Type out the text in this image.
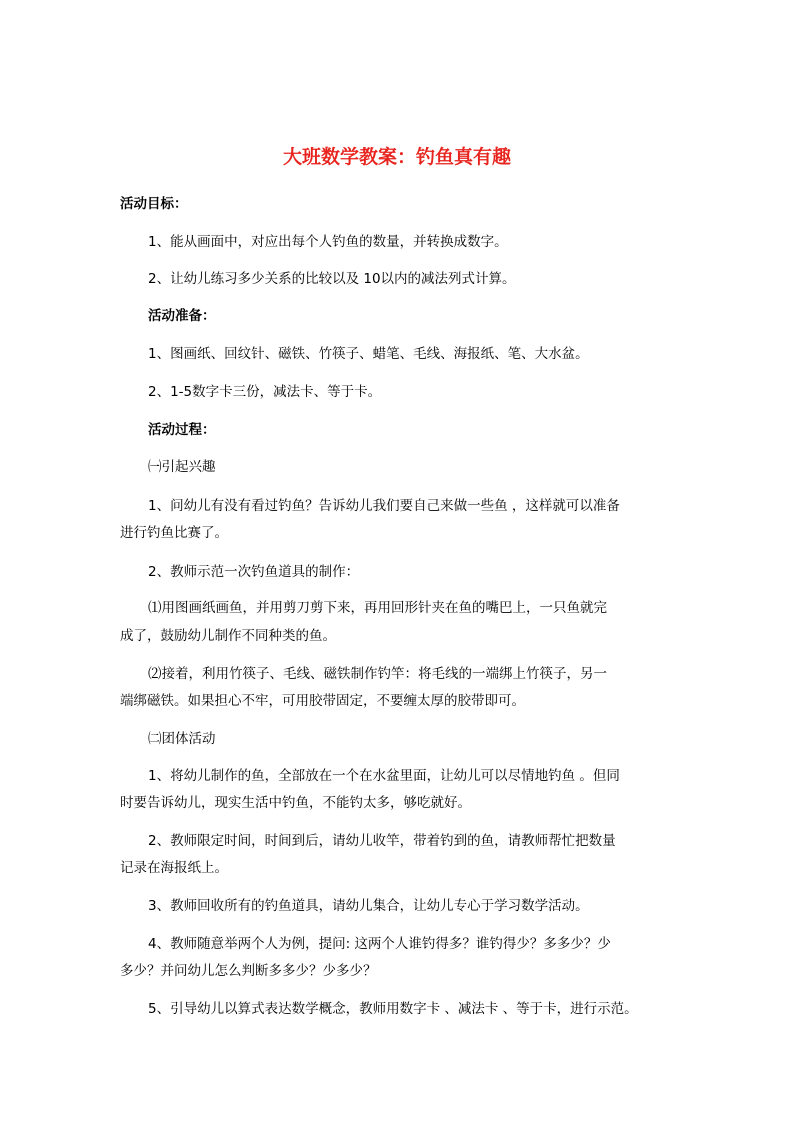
大班数学教案：钓鱼真有趣
活动目标：
1、能从画面中，对应出每个人钓鱼的数量，并转换成数字。
2、让幼儿练习多少关系的比较以及 10以内的减法列式计算。
活动准备：
1、图画纸、回纹针、磁铁、竹筷子、蜡笔、毛线、海报纸、笔、大水盆。
2、1-5数字卡三份，减法卡、等于卡。
活动过程：
㈠引起兴趣
1、问幼儿有没有看过钓鱼？告诉幼儿我们要自己来做一些鱼 ，这样就可以准备
进行钓鱼比赛了。
2、教师示范一次钓鱼道具的制作：
⑴用图画纸画鱼，并用剪刀剪下来，再用回形针夹在鱼的嘴巴上，一只鱼就完
成了，鼓励幼儿制作不同种类的鱼。
⑵接着，利用竹筷子、毛线、磁铁制作钓竿：将毛线的一端绑上竹筷子，另一
端绑磁铁。如果担心不牢，可用胶带固定，不要缠太厚的胶带即可。
㈡团体活动
1、将幼儿制作的鱼，全部放在一个在水盆里面，让幼儿可以尽情地钓鱼 。但同
时要告诉幼儿，现实生活中钓鱼，不能钓太多，够吃就好。
2、教师限定时间，时间到后，请幼儿收竿，带着钓到的鱼，请教师帮忙把数量
记录在海报纸上。
3、教师回收所有的钓鱼道具，请幼儿集合，让幼儿专心于学习数学活动。
4、教师随意举两个人为例，提问: 这两个人谁钓得多？谁钓得少？多多少？少
多少？并问幼儿怎么判断多多少？少多少？
5、引导幼儿以算式表达数学概念，教师用数字卡 、减法卡 、等于卡，进行示范。
